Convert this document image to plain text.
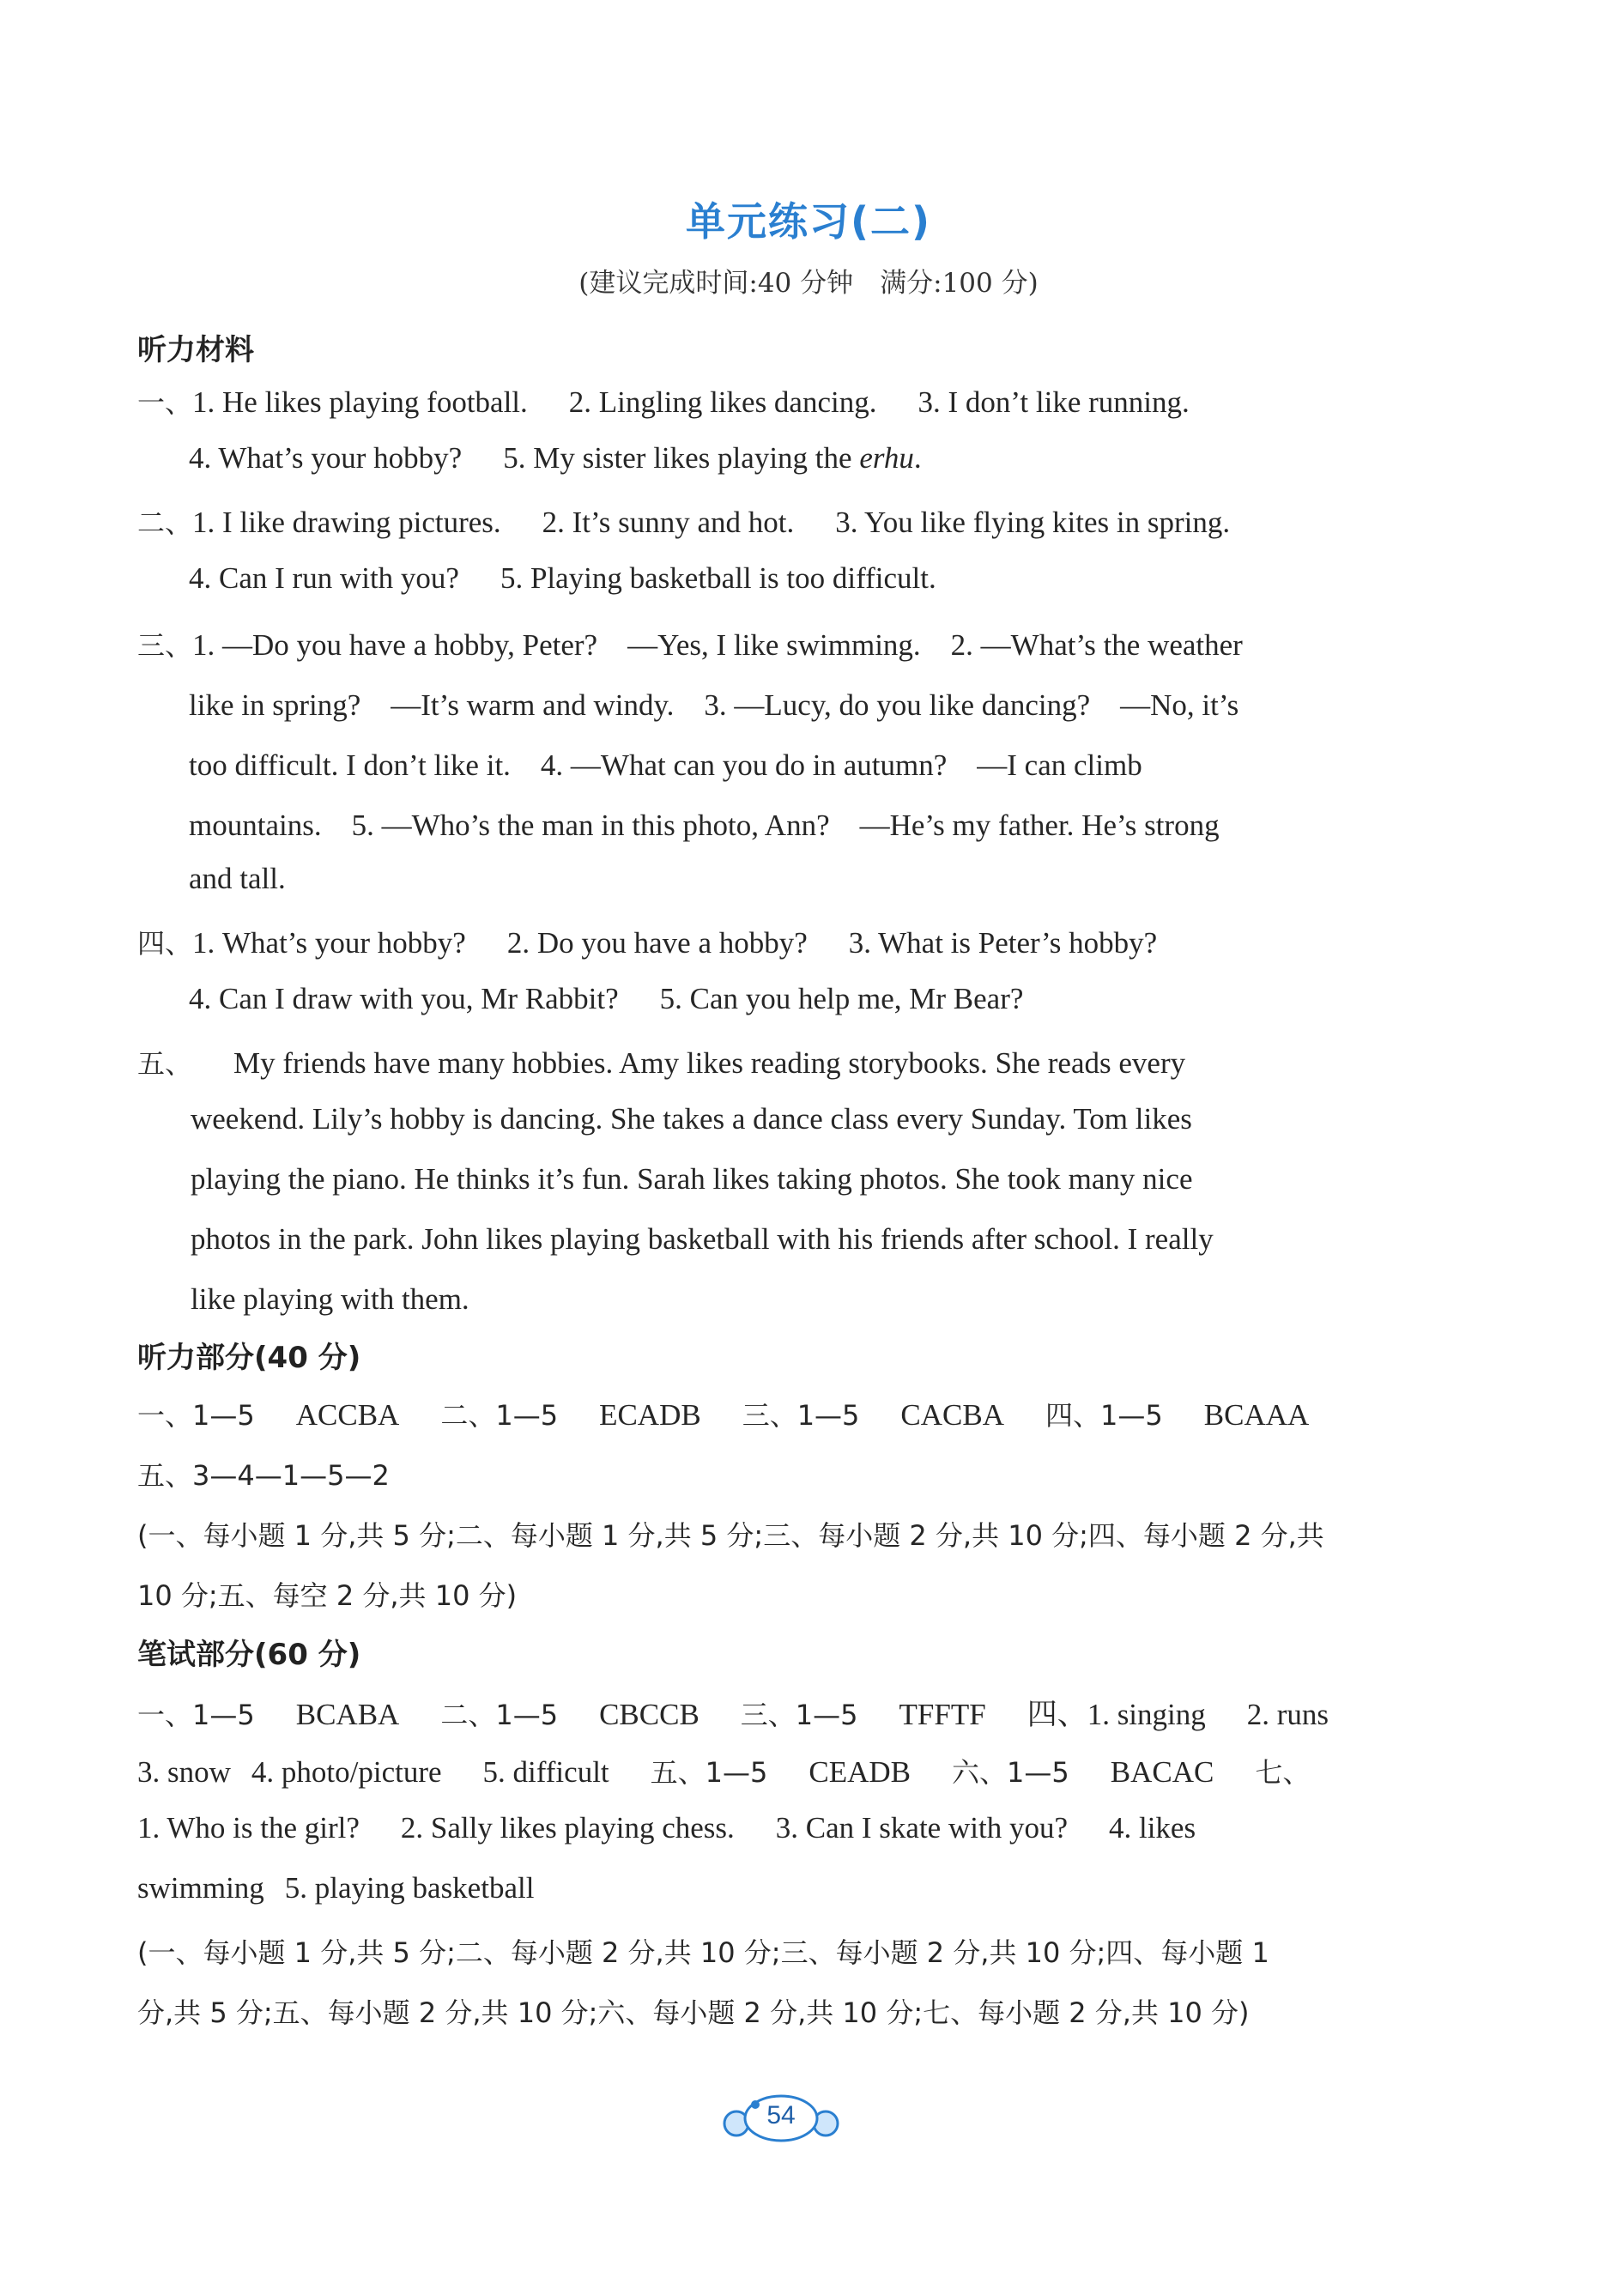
单元练习(二)
(建议完成时间:40 分钟　满分:100 分)
听力材料
一、1. He likes playing football. 2. Lingling likes dancing. 3. I don’t like running.
4. What’s your hobby? 5. My sister likes playing the erhu.
二、1. I like drawing pictures. 2. It’s sunny and hot. 3. You like flying kites in spring.
4. Can I run with you? 5. Playing basketball is too difficult.
三、1. —Do you have a hobby, Peter?　—Yes, I like swimming.　2. —What’s the weather
like in spring?　—It’s warm and windy.　3. —Lucy, do you like dancing?　—No, it’s
too difficult. I don’t like it.　4. —What can you do in autumn?　—I can climb
mountains.　5. —Who’s the man in this photo, Ann?　—He’s my father. He’s strong
and tall.
四、1. What’s your hobby? 2. Do you have a hobby? 3. What is Peter’s hobby?
4. Can I draw with you, Mr Rabbit? 5. Can you help me, Mr Bear?
五、 My friends have many hobbies. Amy likes reading storybooks. She reads every
weekend. Lily’s hobby is dancing. She takes a dance class every Sunday. Tom likes
playing the piano. He thinks it’s fun. Sarah likes taking photos. She took many nice
photos in the park. John likes playing basketball with his friends after school. I really
like playing with them.
听力部分(40 分)
一、1—5 ACCBA 二、1—5 ECADB 三、1—5 CACBA 四、1—5 BCAAA
五、3—4—1—5—2
(一、每小题 1 分,共 5 分;二、每小题 1 分,共 5 分;三、每小题 2 分,共 10 分;四、每小题 2 分,共
10 分;五、每空 2 分,共 10 分)
笔试部分(60 分)
一、1—5 BCABA 二、1—5 CBCCB 三、1—5 TFFTF 四、1. singing 2. runs
3. snow 4. photo/picture 5. difficult 五、1—5 CEADB 六、1—5 BACAC 七、
1. Who is the girl? 2. Sally likes playing chess. 3. Can I skate with you? 4. likes
swimming 5. playing basketball
(一、每小题 1 分,共 5 分;二、每小题 2 分,共 10 分;三、每小题 2 分,共 10 分;四、每小题 1
分,共 5 分;五、每小题 2 分,共 10 分;六、每小题 2 分,共 10 分;七、每小题 2 分,共 10 分)
54
